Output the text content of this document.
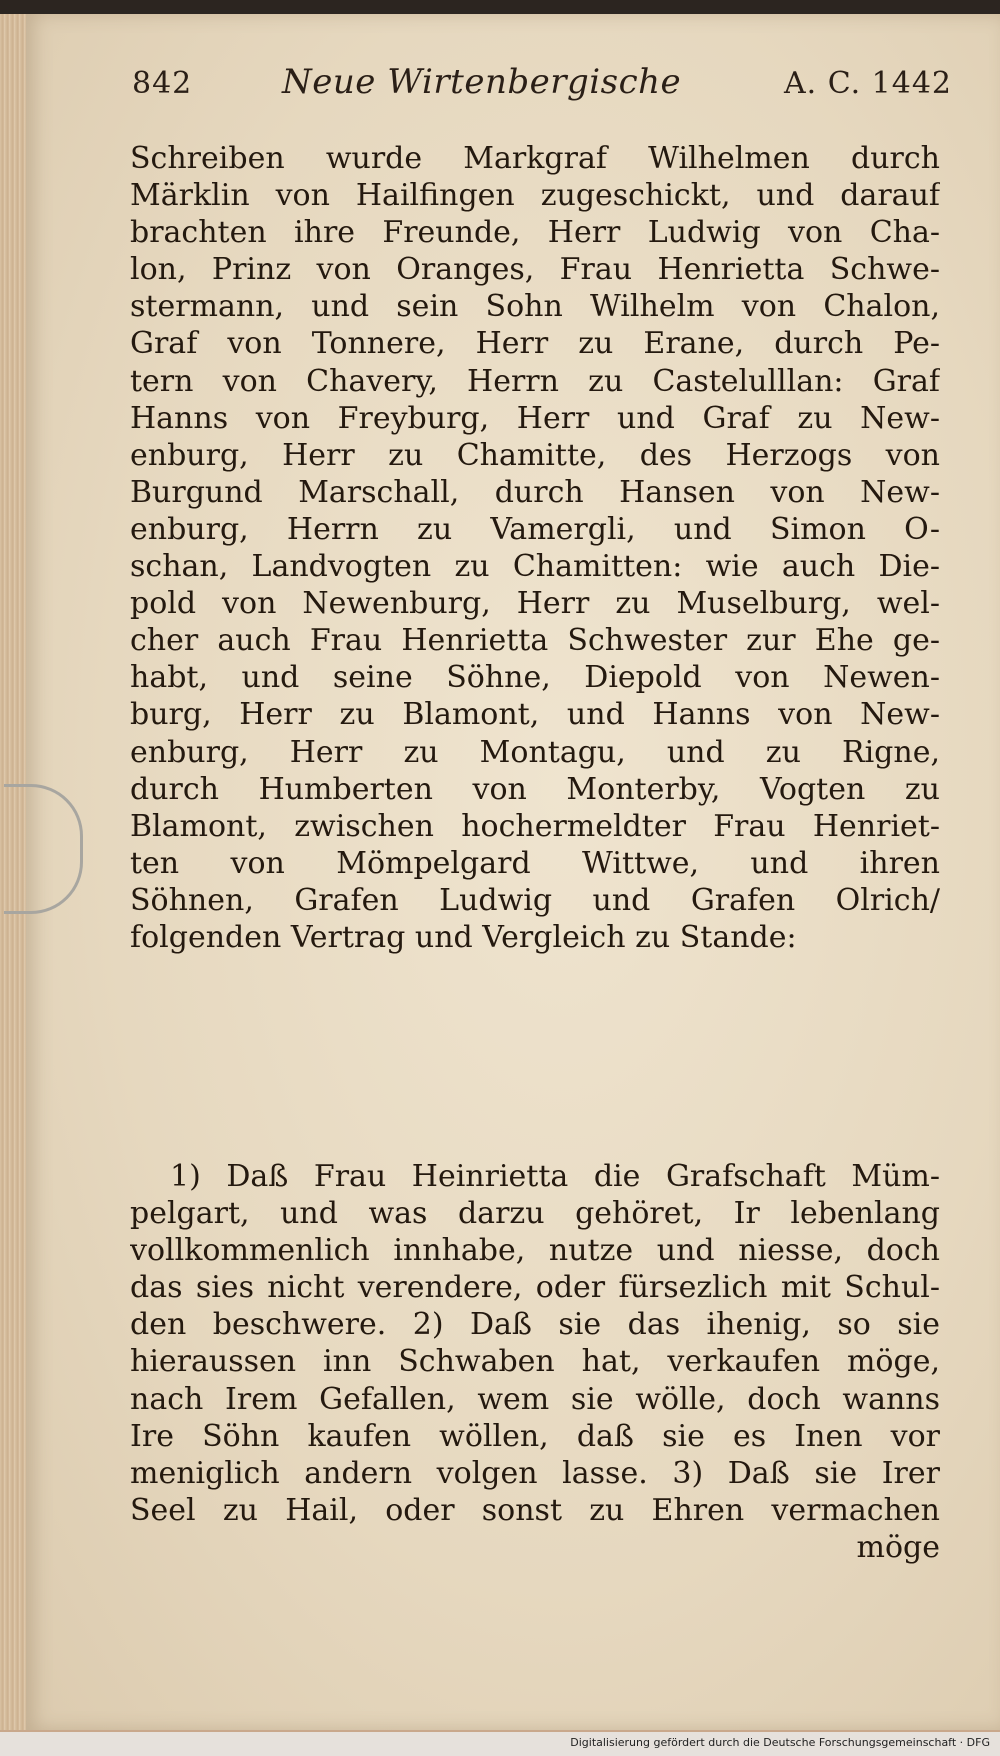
842	Neue Wirtenbergische	A. C. 1442
Schreiben wurde Markgraf Wilhelmen durch
Märklin von Hailfingen zugeschickt, und darauf
brachten ihre Freunde, Herr Ludwig von Cha-
lon, Prinz von Oranges, Frau Henrietta Schwe-
stermann, und sein Sohn Wilhelm von Chalon,
Graf von Tonnere, Herr zu Erane, durch Pe-
tern von Chavery, Herrn zu Castelulllan: Graf
Hanns von Freyburg, Herr und Graf zu New-
enburg, Herr zu Chamitte, des Herzogs von
Burgund Marschall, durch Hansen von New-
enburg, Herrn zu Vamergli, und Simon O-
schan, Landvogten zu Chamitten: wie auch Die-
pold von Newenburg, Herr zu Muselburg, wel-
cher auch Frau Henrietta Schwester zur Ehe ge-
habt, und seine Söhne, Diepold von Newen-
burg, Herr zu Blamont, und Hanns von New-
enburg, Herr zu Montagu, und zu Rigne,
durch Humberten von Monterby, Vogten zu
Blamont, zwischen hochermeldter Frau Henriet-
ten von Mömpelgard Wittwe, und ihren
Söhnen, Grafen Ludwig und Grafen Olrich/
folgenden Vertrag und Vergleich zu Stande:
1) Daß Frau Heinrietta die Grafschaft Müm-
pelgart, und was darzu gehöret, Ir lebenlang
vollkommenlich innhabe, nutze und niesse, doch
das sies nicht verendere, oder fürsezlich mit Schul-
den beschwere. 2) Daß sie das ihenig, so sie
hieraussen inn Schwaben hat, verkaufen möge,
nach Irem Gefallen, wem sie wölle, doch wanns
Ire Söhn kaufen wöllen, daß sie es Inen vor
meniglich andern volgen lasse. 3) Daß sie Irer
Seel zu Hail, oder sonst zu Ehren vermachen
möge
Digitalisierung gefördert durch die Deutsche Forschungsgemeinschaft · DFG
